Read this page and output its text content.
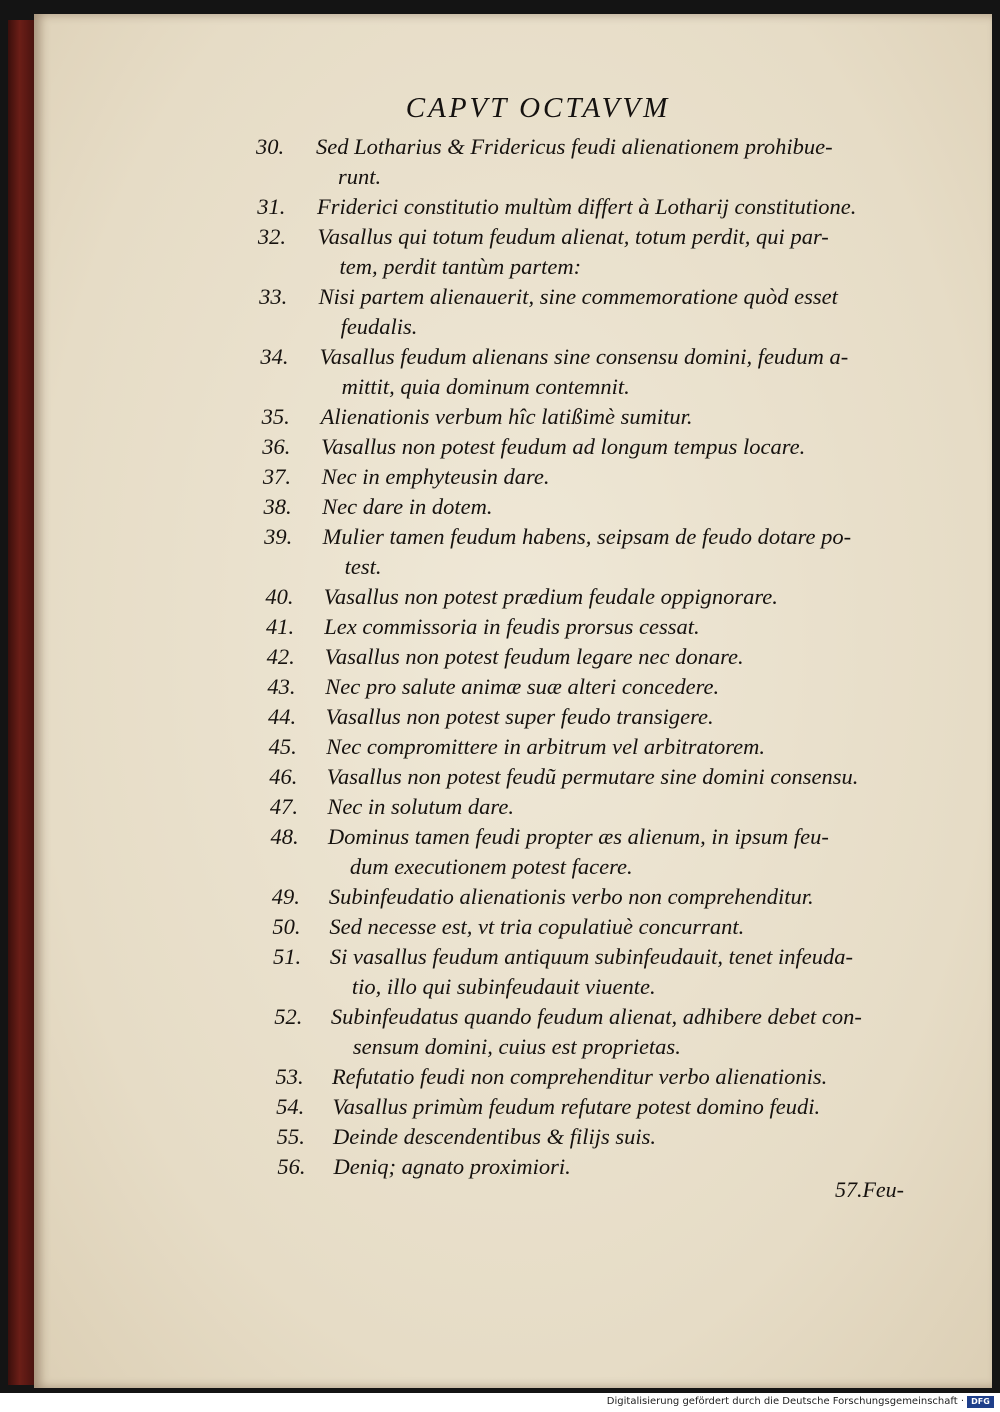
CAPVT OCTAVVM
30.	Sed Lotharius & Fridericus feudi alienationem prohibue-
runt.
31.	Friderici constitutio multùm differt à Lotharij constitutione.
32.	Vasallus qui totum feudum alienat, totum perdit, qui par-
tem, perdit tantùm partem:
33.	Nisi partem alienauerit, sine commemoratione quòd esset
feudalis.
34.	Vasallus feudum alienans sine consensu domini, feudum a-
mittit, quia dominum contemnit.
35.	Alienationis verbum hîc latißimè sumitur.
36.	Vasallus non potest feudum ad longum tempus locare.
37.	Nec in emphyteusin dare.
38.	Nec dare in dotem.
39.	Mulier tamen feudum habens, seipsam de feudo dotare po-
test.
40.	Vasallus non potest prædium feudale oppignorare.
41.	Lex commissoria in feudis prorsus cessat.
42.	Vasallus non potest feudum legare nec donare.
43.	Nec pro salute animæ suæ alteri concedere.
44.	Vasallus non potest super feudo transigere.
45.	Nec compromittere in arbitrum vel arbitratorem.
46.	Vasallus non potest feudũ permutare sine domini consensu.
47.	Nec in solutum dare.
48.	Dominus tamen feudi propter æs alienum, in ipsum feu-
dum executionem potest facere.
49.	Subinfeudatio alienationis verbo non comprehenditur.
50.	Sed necesse est, vt tria copulatiuè concurrant.
51.	Si vasallus feudum antiquum subinfeudauit, tenet infeuda-
tio, illo qui subinfeudauit viuente.
52.	Subinfeudatus quando feudum alienat, adhibere debet con-
sensum domini, cuius est proprietas.
53.	Refutatio feudi non comprehenditur verbo alienationis.
54.	Vasallus primùm feudum refutare potest domino feudi.
55.	Deinde descendentibus & filijs suis.
56.	Deniq; agnato proximiori.
57.Feu-
Digitalisierung gefördert durch die Deutsche Forschungsgemeinschaft · DFG
